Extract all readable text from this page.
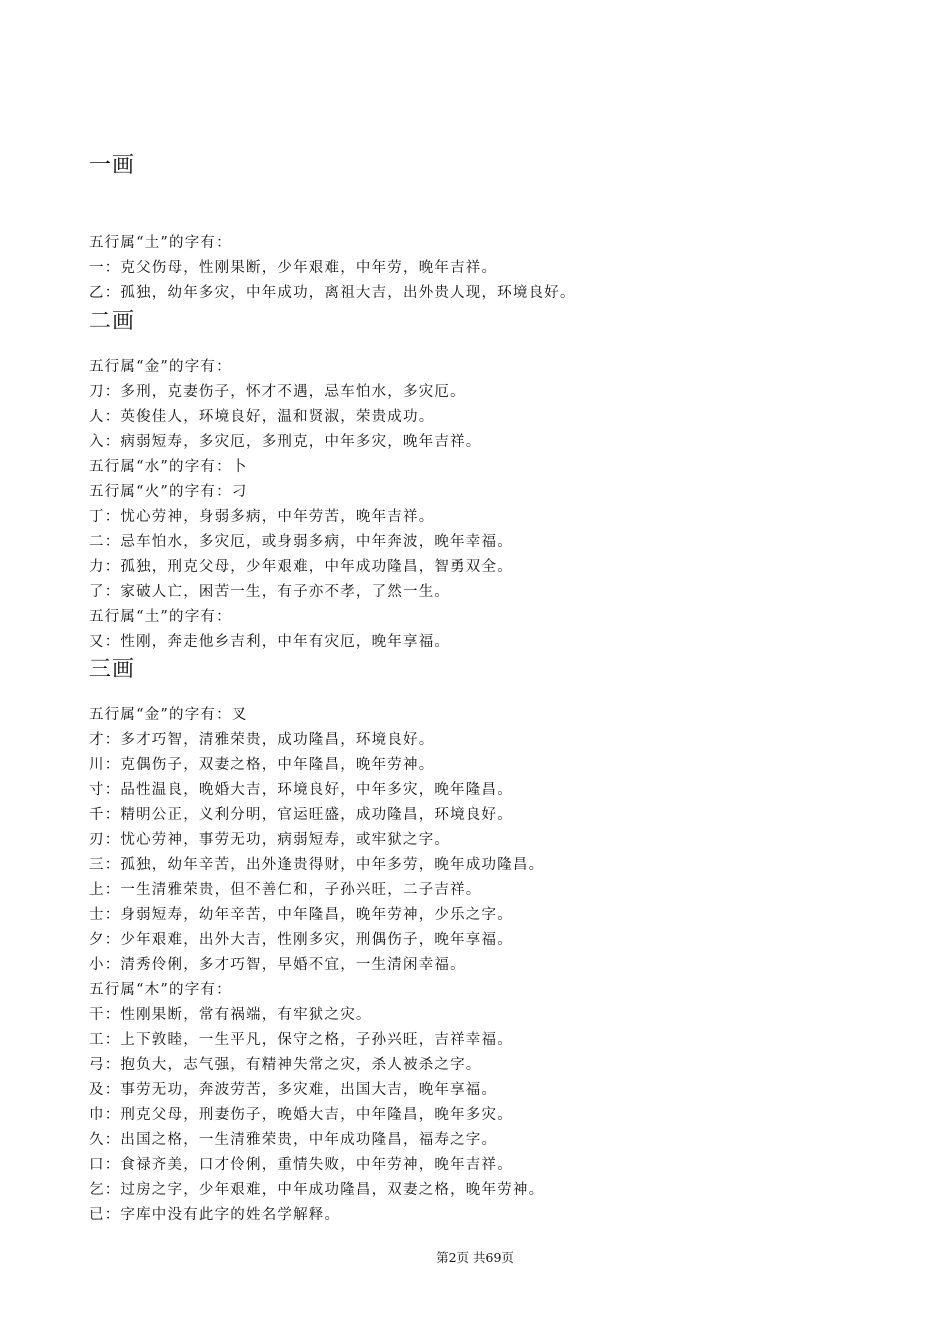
一画
五行属“土”的字有：
一：克父伤母，性刚果断，少年艰难，中年劳，晚年吉祥。
乙：孤独，幼年多灾，中年成功，离祖大吉，出外贵人现，环境良好。
二画
五行属“金”的字有：
刀：多刑，克妻伤子，怀才不遇，忌车怕水，多灾厄。
人：英俊佳人，环境良好，温和贤淑，荣贵成功。
入：病弱短寿，多灾厄，多刑克，中年多灾，晚年吉祥。
五行属“水”的字有：卜
五行属“火”的字有：刁
丁：忧心劳神，身弱多病，中年劳苦，晚年吉祥。
二：忌车怕水，多灾厄，或身弱多病，中年奔波，晚年幸福。
力：孤独，刑克父母，少年艰难，中年成功隆昌，智勇双全。
了：家破人亡，困苦一生，有子亦不孝，了然一生。
五行属“土”的字有：
又：性刚，奔走他乡吉利，中年有灾厄，晚年享福。
三画
五行属“金”的字有：叉
才：多才巧智，清雅荣贵，成功隆昌，环境良好。
川：克偶伤子，双妻之格，中年隆昌，晚年劳神。
寸：品性温良，晚婚大吉，环境良好，中年多灾，晚年隆昌。
千：精明公正，义利分明，官运旺盛，成功隆昌，环境良好。
刃：忧心劳神，事劳无功，病弱短寿，或牢狱之字。
三：孤独，幼年辛苦，出外逢贵得财，中年多劳，晚年成功隆昌。
上：一生清雅荣贵，但不善仁和，子孙兴旺，二子吉祥。
士：身弱短寿，幼年辛苦，中年隆昌，晚年劳神，少乐之字。
夕：少年艰难，出外大吉，性刚多灾，刑偶伤子，晚年享福。
小：清秀伶俐，多才巧智，早婚不宜，一生清闲幸福。
五行属“木”的字有：
干：性刚果断，常有祸端，有牢狱之灾。
工：上下敦睦，一生平凡，保守之格，子孙兴旺，吉祥幸福。
弓：抱负大，志气强，有精神失常之灾，杀人被杀之字。
及：事劳无功，奔波劳苦，多灾难，出国大吉，晚年享福。
巾：刑克父母，刑妻伤子，晚婚大吉，中年隆昌，晚年多灾。
久：出国之格，一生清雅荣贵，中年成功隆昌，福寿之字。
口：食禄齐美，口才伶俐，重情失败，中年劳神，晚年吉祥。
乞：过房之字，少年艰难，中年成功隆昌，双妻之格，晚年劳神。
已：字库中没有此字的姓名学解释。
第2页 共69页
